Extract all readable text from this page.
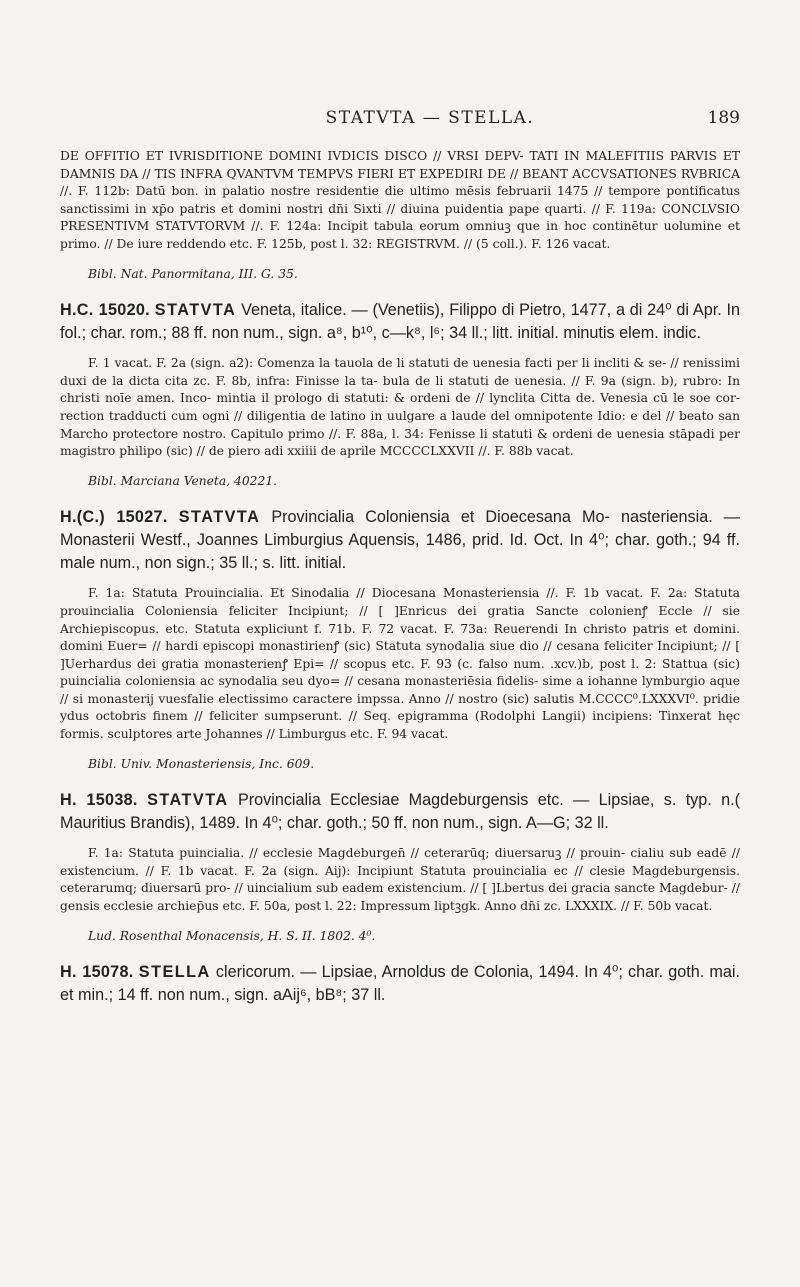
STATVTA — STELLA.	189

DE OFFITIO ET IVRISDITIONE DOMINI IVDICIS DISCO // VRSI DEPV- TATI IN MALEFITIIS PARVIS ET DAMNIS DA // TIS INFRA QVANTVM TEMPVS FIERI ET EXPEDIRI DE // BEANT ACCVSATIONES RVBRICA //. F. 112b: Datū bon. in palatio nostre residentie die ultimo mēsis februarii 1475 // tempore pontificatus sanctissimi in xp̄o patris et domini nostri dn̄i Sixti // diuina puidentia pape quarti. // F. 119a: CONCLVSIO PRESENTIVM STATVTORVM //. F. 124a: Incipit tabula eorum omniuꝫ que in hoc continētur uolumine et primo. // De iure reddendo etc. F. 125b, post l. 32: REGISTRVM. // (5 coll.). F. 126 vacat.

Bibl. Nat. Panormitana, III. G. 35.

H.C. 15020. STATVTA Veneta, italice. — (Venetiis), Filippo di Pietro, 1477, a di 24⁰ di Apr. In fol.; char. rom.; 88 ff. non num., sign. a⁸, b¹⁰, c—k⁸, l⁶; 34 ll.; litt. initial. minutis elem. indic.

F. 1 vacat. F. 2a (sign. a2): Comenza la tauola de li statuti de uenesia facti per li incliti & se- // renissimi duxi de la dicta cita zc. F. 8b, infra: Finisse la ta- bula de li statuti de uenesia. // F. 9a (sign. b), rubro: In christi noīe amen. Inco- mintia il prologo di statuti: & ordeni de // lynclita Citta de. Venesia cū le soe cor- rection tradducti cum ogni // diligentia de latino in uulgare a laude del omnipotente Idio: e del // beato san Marcho protectore nostro. Capitulo primo //. F. 88a, l. 34: Fenisse li statuti & ordeni de uenesia stāpadi per magistro philipo (sic) // de piero adi xxiiii de aprile MCCCCLXXVII //. F. 88b vacat.

Bibl. Marciana Veneta, 40221.

H.(C.) 15027. STATVTA Provincialia Coloniensia et Dioecesana Mo- nasteriensia. — Monasterii Westf., Joannes Limburgius Aquensis, 1486, prid. Id. Oct. In 4⁰; char. goth.; 94 ff. male num., non sign.; 35 ll.; s. litt. initial.

F. 1a: Statuta Prouincialia. Et Sinodalia // Diocesana Monasteriensia //. F. 1b vacat. F. 2a: Statuta prouincialia Coloniensia feliciter Incipiunt; // [ ]Enricus dei gratia Sancte colonienꝭ Eccle // sie Archiepiscopus. etc. Statuta expliciunt f. 71b. F. 72 vacat. F. 73a: Reuerendi In christo patris et domini. domini Euer= // hardi episcopi monastirienꝭ (sic) Statuta synodalia siue dio // cesana feliciter Incipiunt; // [ ]Uerhardus dei gratia monasterienꝭ Epi= // scopus etc. F. 93 (c. falso num. .xcv.)b, post l. 2: Stattua (sic) puincialia coloniensia ac synodalia seu dyo= // cesana monasteriēsia fidelis- sime a iohanne lymburgio aque // si monasterij vuesfalie electissimo caractere impssa. Anno // nostro (sic) salutis M.CCCC⁰.LXXXVI⁰. pridie ydus octobris finem // feliciter sumpserunt. // Seq. epigramma (Rodolphi Langii) incipiens: Tinxerat hęc formis. sculptores arte Johannes // Limburgus etc. F. 94 vacat.

Bibl. Univ. Monasteriensis, Inc. 609.

H. 15038. STATVTA Provincialia Ecclesiae Magdeburgensis etc. — Lipsiae, s. typ. n.( Mauritius Brandis), 1489. In 4⁰; char. goth.; 50 ff. non num., sign. A—G; 32 ll.

F. 1a: Statuta puincialia. // ecclesie Magdeburgen̄ // ceterarūq; diuersaruꝫ // prouin- cialiu sub eadē // existencium. // F. 1b vacat. F. 2a (sign. Aij): Incipiunt Statuta prouincialia ec // clesie Magdeburgensis. ceterarumq; diuersarū pro- // uincialium sub eadem existencium. // [ ]Lbertus dei gracia sancte Magdebur- // gensis ecclesie archiep̄us etc. F. 50a, post l. 22: Impressum liptꝫgk. Anno dn̄i zc. LXXXIX. // F. 50b vacat.

Lud. Rosenthal Monacensis, H. S. II. 1802. 4⁰.

H. 15078. STELLA clericorum. — Lipsiae, Arnoldus de Colonia, 1494. In 4⁰; char. goth. mai. et min.; 14 ff. non num., sign. aAij⁶, bB⁸; 37 ll.
